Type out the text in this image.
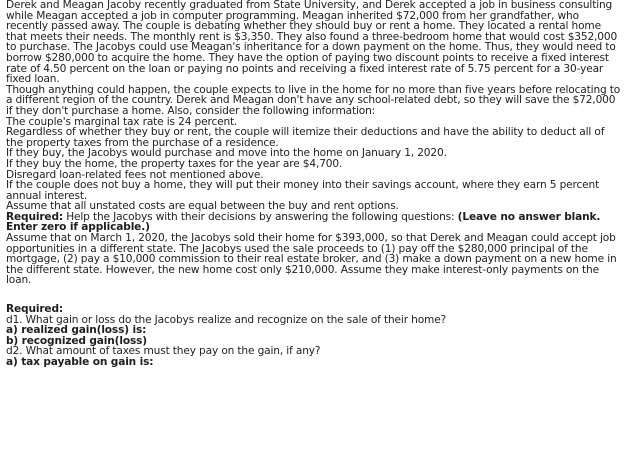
Derek and Meagan Jacoby recently graduated from State University, and Derek accepted a job in business consulting while Meagan accepted a job in computer programming. Meagan inherited $72,000 from her grandfather, who recently passed away. The couple is debating whether they should buy or rent a home. They located a rental home that meets their needs. The monthly rent is $3,350. They also found a three-bedroom home that would cost $352,000 to purchase. The Jacobys could use Meagan's inheritance for a down payment on the home. Thus, they would need to borrow $280,000 to acquire the home. They have the option of paying two discount points to receive a fixed interest rate of 4.50 percent on the loan or paying no points and receiving a fixed interest rate of 5.75 percent for a 30-year fixed loan.

Though anything could happen, the couple expects to live in the home for no more than five years before relocating to a different region of the country. Derek and Meagan don't have any school-related debt, so they will save the $72,000 if they don't purchase a home. Also, consider the following information:

The couple's marginal tax rate is 24 percent.

Regardless of whether they buy or rent, the couple will itemize their deductions and have the ability to deduct all of the property taxes from the purchase of a residence.

If they buy, the Jacobys would purchase and move into the home on January 1, 2020.

If they buy the home, the property taxes for the year are $4,700.

Disregard loan-related fees not mentioned above.

If the couple does not buy a home, they will put their money into their savings account, where they earn 5 percent annual interest.

Assume that all unstated costs are equal between the buy and rent options.

Required: Help the Jacobys with their decisions by answering the following questions: (Leave no answer blank. Enter zero if applicable.)

Assume that on March 1, 2020, the Jacobys sold their home for $393,000, so that Derek and Meagan could accept job opportunities in a different state. The Jacobys used the sale proceeds to (1) pay off the $280,000 principal of the mortgage, (2) pay a $10,000 commission to their real estate broker, and (3) make a down payment on a new home in the different state. However, the new home cost only $210,000. Assume they make interest-only payments on the loan.

Required:

d1. What gain or loss do the Jacobys realize and recognize on the sale of their home?

a) realized gain(loss) is:

b) recognized gain(loss)

d2. What amount of taxes must they pay on the gain, if any?

a) tax payable on gain is:
